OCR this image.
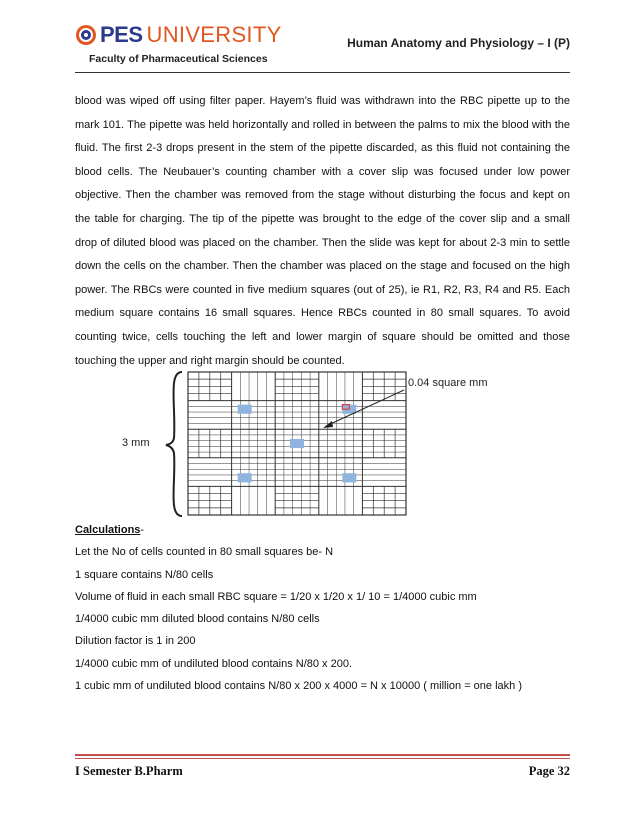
PES UNIVERSITY
Faculty of Pharmaceutical Sciences
Human Anatomy and Physiology – I (P)
blood was wiped off using filter paper. Hayem’s fluid was withdrawn into the RBC pipette up to the mark 101. The pipette was held horizontally and rolled in between the palms to mix the blood with the fluid. The first 2-3 drops present in the stem of the pipette discarded, as this fluid not containing the blood cells. The Neubauer’s counting chamber with a cover slip was focused under low power objective. Then the chamber was removed from the stage without disturbing the focus and kept on the table for charging. The tip of the pipette was brought to the edge of the cover slip and a small drop of diluted blood was placed on the chamber. Then the slide was kept for about 2-3 min to settle down the cells on the chamber. Then the chamber was placed on the stage and focused on the high power. The RBCs were counted in five medium squares (out of 25), ie R1, R2, R3, R4 and R5. Each medium square contains 16 small squares. Hence RBCs counted in 80 small squares. To avoid counting twice, cells touching the left and lower margin of square should be omitted and those touching the upper and right margin should be counted.
3 mm
0.04 square mm
Calculations-
Let the No of cells counted in 80 small squares be- N
1 square contains N/80 cells
Volume of fluid in each small RBC square = 1/20 x 1/20 x 1/ 10 = 1/4000 cubic mm
1/4000 cubic mm diluted blood contains N/80 cells
Dilution factor is 1 in 200
1/4000 cubic mm of undiluted blood contains N/80 x 200.
1 cubic mm of undiluted blood contains N/80 x 200 x 4000 = N x 10000 ( million = one lakh )
I Semester B.Pharm	Page 32
